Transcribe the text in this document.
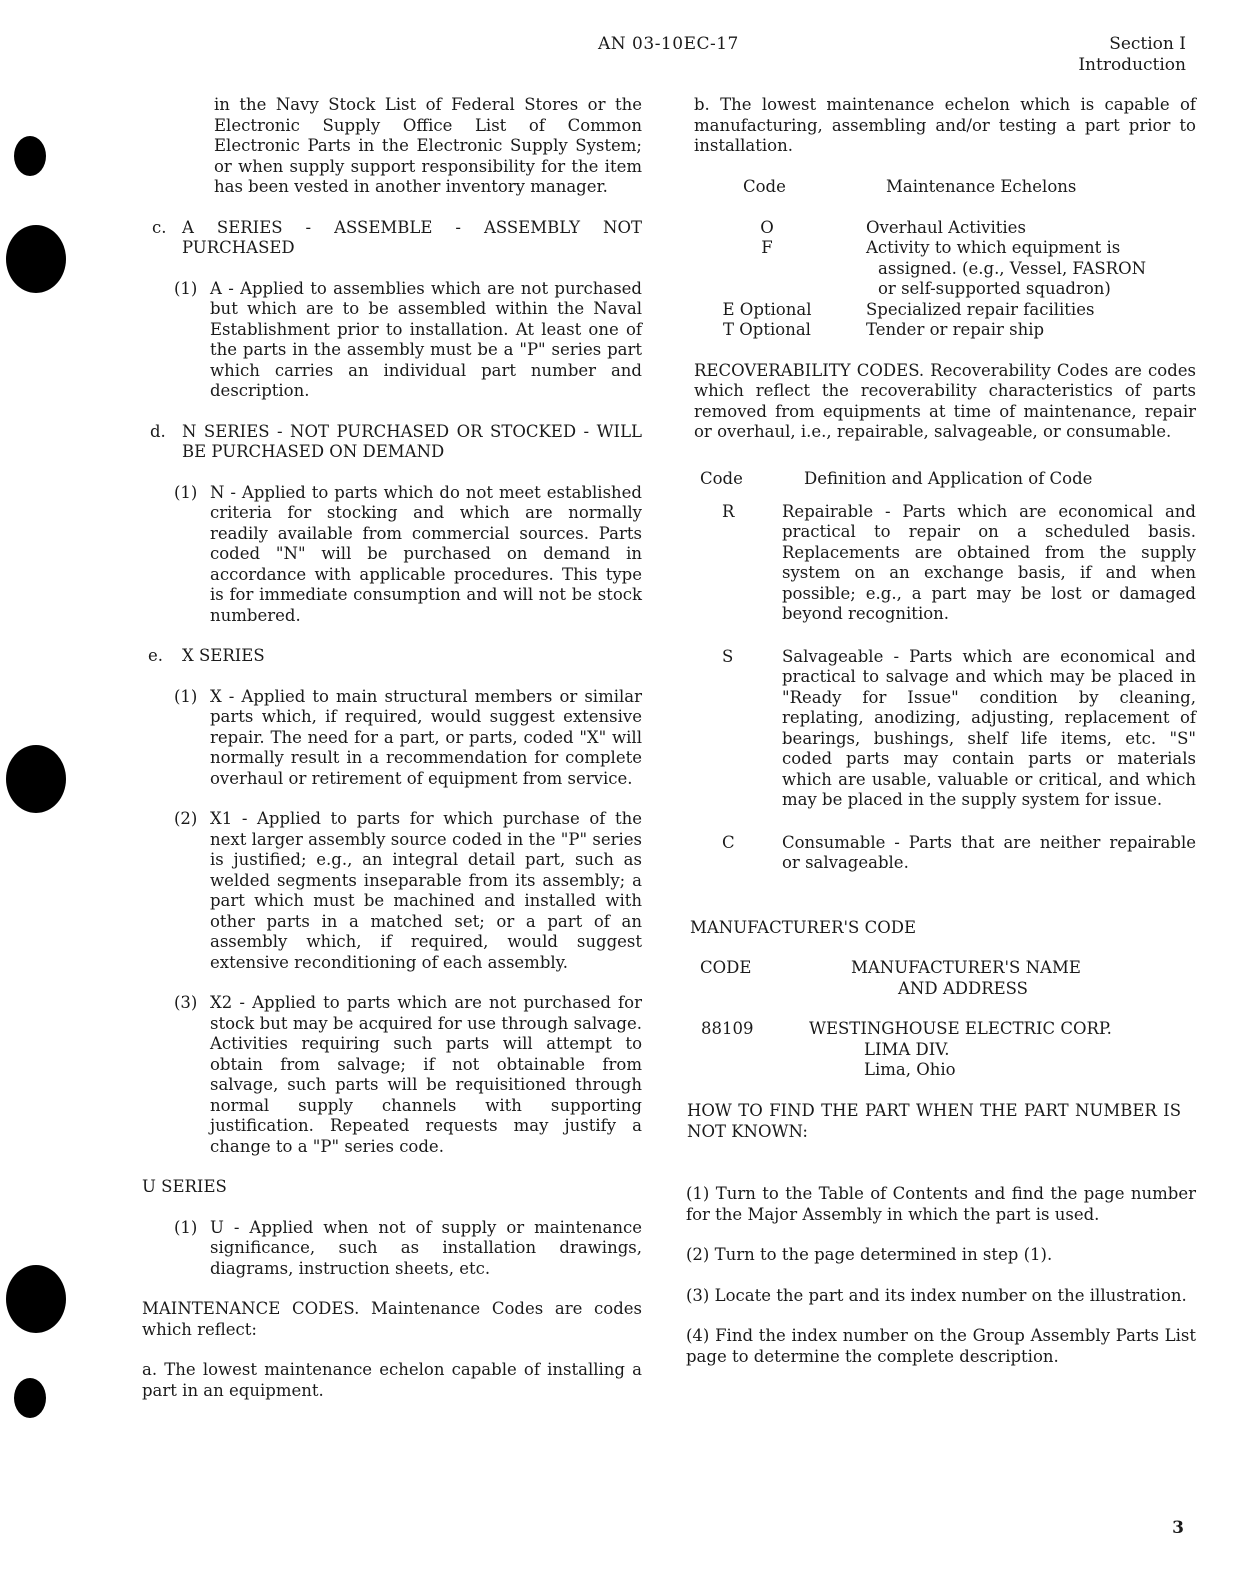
AN 03-10EC-17	Section I
Introduction

in the Navy Stock List of Federal Stores or the Electronic Supply Office List of Common Electronic Parts in the Electronic Supply System; or when supply support responsibility for the item has been vested in another inventory manager.

c. A SERIES - ASSEMBLE - ASSEMBLY NOT PURCHASED

(1) A - Applied to assemblies which are not purchased but which are to be assembled within the Naval Establishment prior to installation. At least one of the parts in the assembly must be a "P" series part which carries an individual part number and description.

d. N SERIES - NOT PURCHASED OR STOCKED - WILL BE PURCHASED ON DEMAND

(1) N - Applied to parts which do not meet established criteria for stocking and which are normally readily available from commercial sources. Parts coded "N" will be purchased on demand in accordance with applicable procedures. This type is for immediate consumption and will not be stock numbered.

e. X SERIES

(1) X - Applied to main structural members or similar parts which, if required, would suggest extensive repair. The need for a part, or parts, coded "X" will normally result in a recommendation for complete overhaul or retirement of equipment from service.

(2) X1 - Applied to parts for which purchase of the next larger assembly source coded in the "P" series is justified; e.g., an integral detail part, such as welded segments inseparable from its assembly; a part which must be machined and installed with other parts in a matched set; or a part of an assembly which, if required, would suggest extensive reconditioning of each assembly.

(3) X2 - Applied to parts which are not purchased for stock but may be acquired for use through salvage. Activities requiring such parts will attempt to obtain from salvage; if not obtainable from salvage, such parts will be requisitioned through normal supply channels with supporting justification. Repeated requests may justify a change to a "P" series code.

U SERIES

(1) U - Applied when not of supply or maintenance significance, such as installation drawings, diagrams, instruction sheets, etc.

MAINTENANCE CODES. Maintenance Codes are codes which reflect:

a. The lowest maintenance echelon capable of installing a part in an equipment.

b. The lowest maintenance echelon which is capable of manufacturing, assembling and/or testing a part prior to installation.

Code	Maintenance Echelons
O	Overhaul Activities
F	Activity to which equipment is assigned. (e.g., Vessel, FASRON or self-supported squadron)
E Optional	Specialized repair facilities
T Optional	Tender or repair ship

RECOVERABILITY CODES. Recoverability Codes are codes which reflect the recoverability characteristics of parts removed from equipments at time of maintenance, repair or overhaul, i.e., repairable, salvageable, or consumable.

Code	Definition and Application of Code
R	Repairable - Parts which are economical and practical to repair on a scheduled basis. Replacements are obtained from the supply system on an exchange basis, if and when possible; e.g., a part may be lost or damaged beyond recognition.

S	Salvageable - Parts which are economical and practical to salvage and which may be placed in "Ready for Issue" condition by cleaning, replating, anodizing, adjusting, replacement of bearings, bushings, shelf life items, etc. "S" coded parts may contain parts or materials which are usable, valuable or critical, and which may be placed in the supply system for issue.

C	Consumable - Parts that are neither repairable or salvageable.

MANUFACTURER'S CODE

CODE	MANUFACTURER'S NAME
AND ADDRESS
88109	WESTINGHOUSE ELECTRIC CORP.
LIMA DIV.
Lima, Ohio

HOW TO FIND THE PART WHEN THE PART NUMBER IS NOT KNOWN:

(1) Turn to the Table of Contents and find the page number for the Major Assembly in which the part is used.

(2) Turn to the page determined in step (1).

(3) Locate the part and its index number on the illustration.

(4) Find the index number on the Group Assembly Parts List page to determine the complete description.

3
